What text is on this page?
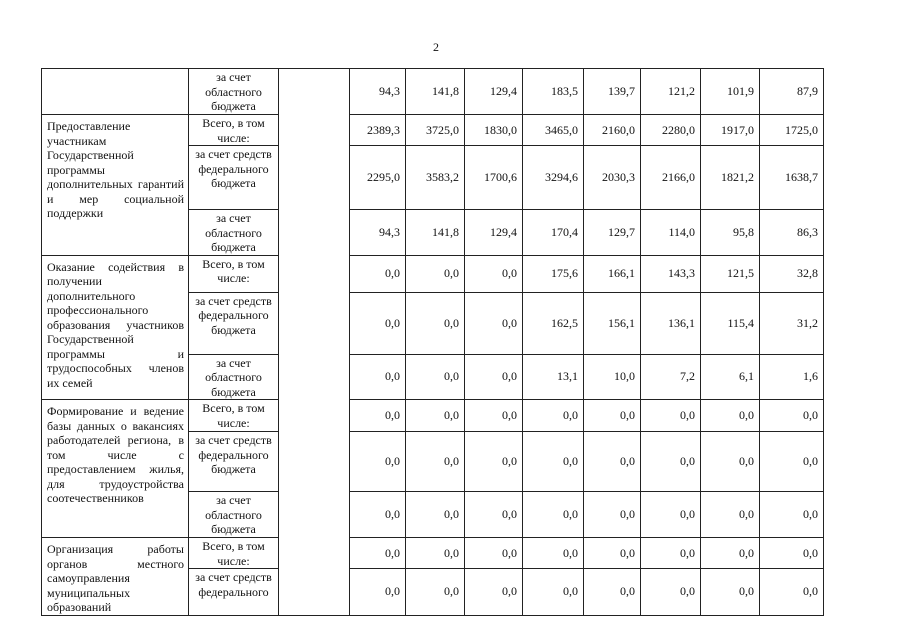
2
	за счет областного бюджета		94,3	141,8	129,4	183,5	139,7	121,2	101,9	87,9
Предоставление участникам Государственной программы дополнительных гарантий и мер социальной поддержки	Всего, в том числе:		2389,3	3725,0	1830,0	3465,0	2160,0	2280,0	1917,0	1725,0
	за счет средств федерального бюджета		2295,0	3583,2	1700,6	3294,6	2030,3	2166,0	1821,2	1638,7
	за счет областного бюджета		94,3	141,8	129,4	170,4	129,7	114,0	95,8	86,3
Оказание содействия в получении дополнительного профессионального образования участников Государственной программы и трудоспособных членов их семей	Всего, в том числе:		0,0	0,0	0,0	175,6	166,1	143,3	121,5	32,8
	за счет средств федерального бюджета		0,0	0,0	0,0	162,5	156,1	136,1	115,4	31,2
	за счет областного бюджета		0,0	0,0	0,0	13,1	10,0	7,2	6,1	1,6
Формирование и ведение базы данных о вакансиях работодателей региона, в том числе с предоставлением жилья, для трудоустройства соотечественников	Всего, в том числе:		0,0	0,0	0,0	0,0	0,0	0,0	0,0	0,0
	за счет средств федерального бюджета		0,0	0,0	0,0	0,0	0,0	0,0	0,0	0,0
	за счет областного бюджета		0,0	0,0	0,0	0,0	0,0	0,0	0,0	0,0
Организация работы органов местного самоуправления муниципальных образований	Всего, в том числе:		0,0	0,0	0,0	0,0	0,0	0,0	0,0	0,0
	за счет средств федерального		0,0	0,0	0,0	0,0	0,0	0,0	0,0	0,0
